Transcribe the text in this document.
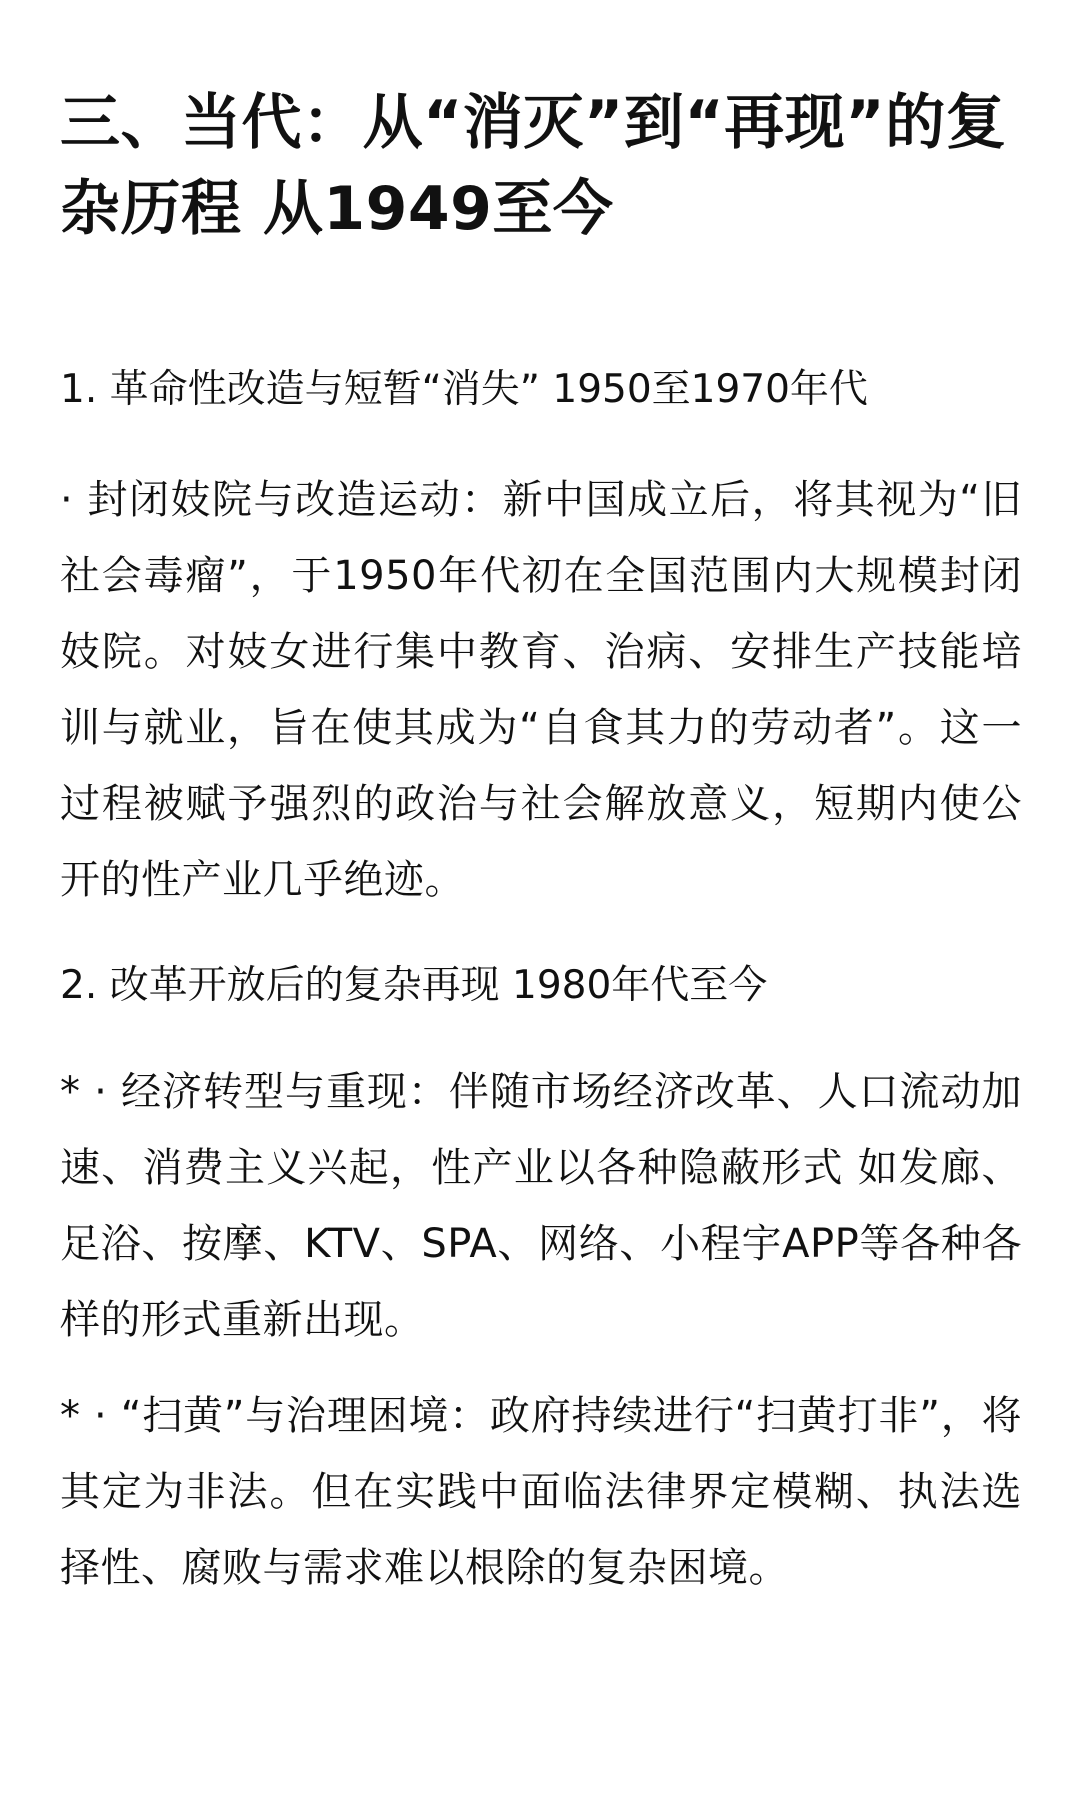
三、当代：从“消灭”到“再现”的复杂历程 从1949至今
1. 革命性改造与短暂“消失” 1950至1970年代

· 封闭妓院与改造运动：新中国成立后，将其视为“旧社会毒瘤”，于1950年代初在全国范围内大规模封闭妓院。对妓女进行集中教育、治病、安排生产技能培训与就业，旨在使其成为“自食其力的劳动者”。这一过程被赋予强烈的政治与社会解放意义，短期内使公开的性产业几乎绝迹。

2. 改革开放后的复杂再现 1980年代至今

* · 经济转型与重现：伴随市场经济改革、人口流动加速、消费主义兴起，性产业以各种隐蔽形式 如发廊、足浴、按摩、KTV、SPA、网络、小程宇APP等各种各样的形式重新出现。

* · “扫黄”与治理困境：政府持续进行“扫黄打非”，将其定为非法。但在实践中面临法律界定模糊、执法选择性、腐败与需求难以根除的复杂困境。
